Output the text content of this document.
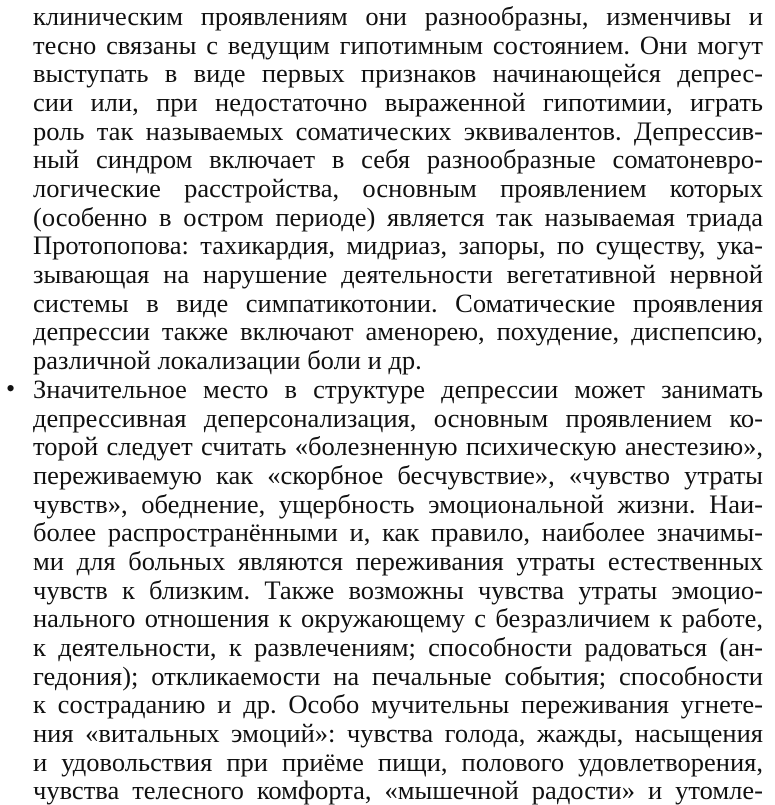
клиническим проявлениям они разнообразны, изменчивы и
тесно связаны с ведущим гипотимным состоянием. Они могут
выступать в виде первых признаков начинающейся депрес-
сии или, при недостаточно выраженной гипотимии, играть
роль так называемых соматических эквивалентов. Депрессив-
ный синдром включает в себя разнообразные соматоневро-
логические расстройства, основным проявлением которых
(особенно в остром периоде) является так называемая триада
Протопопова: тахикардия, мидриаз, запоры, по существу, ука-
зывающая на нарушение деятельности вегетативной нервной
системы в виде симпатикотонии. Соматические проявления
депрессии также включают аменорею, похудение, диспепсию,
различной локализации боли и др.
• Значительное место в структуре депрессии может занимать
депрессивная деперсонализация, основным проявлением ко-
торой следует считать «болезненную психическую анестезию»,
переживаемую как «скорбное бесчувствие», «чувство утраты
чувств», обеднение, ущербность эмоциональной жизни. Наи-
более распространёнными и, как правило, наиболее значимы-
ми для больных являются переживания утраты естественных
чувств к близким. Также возможны чувства утраты эмоцио-
нального отношения к окружающему с безразличием к работе,
к деятельности, к развлечениям; способности радоваться (ан-
гедония); откликаемости на печальные события; способности
к состраданию и др. Особо мучительны переживания угнете-
ния «витальных эмоций»: чувства голода, жажды, насыщения
и удовольствия при приёме пищи, полового удовлетворения,
чувства телесного комфорта, «мышечной радости» и утомле-
